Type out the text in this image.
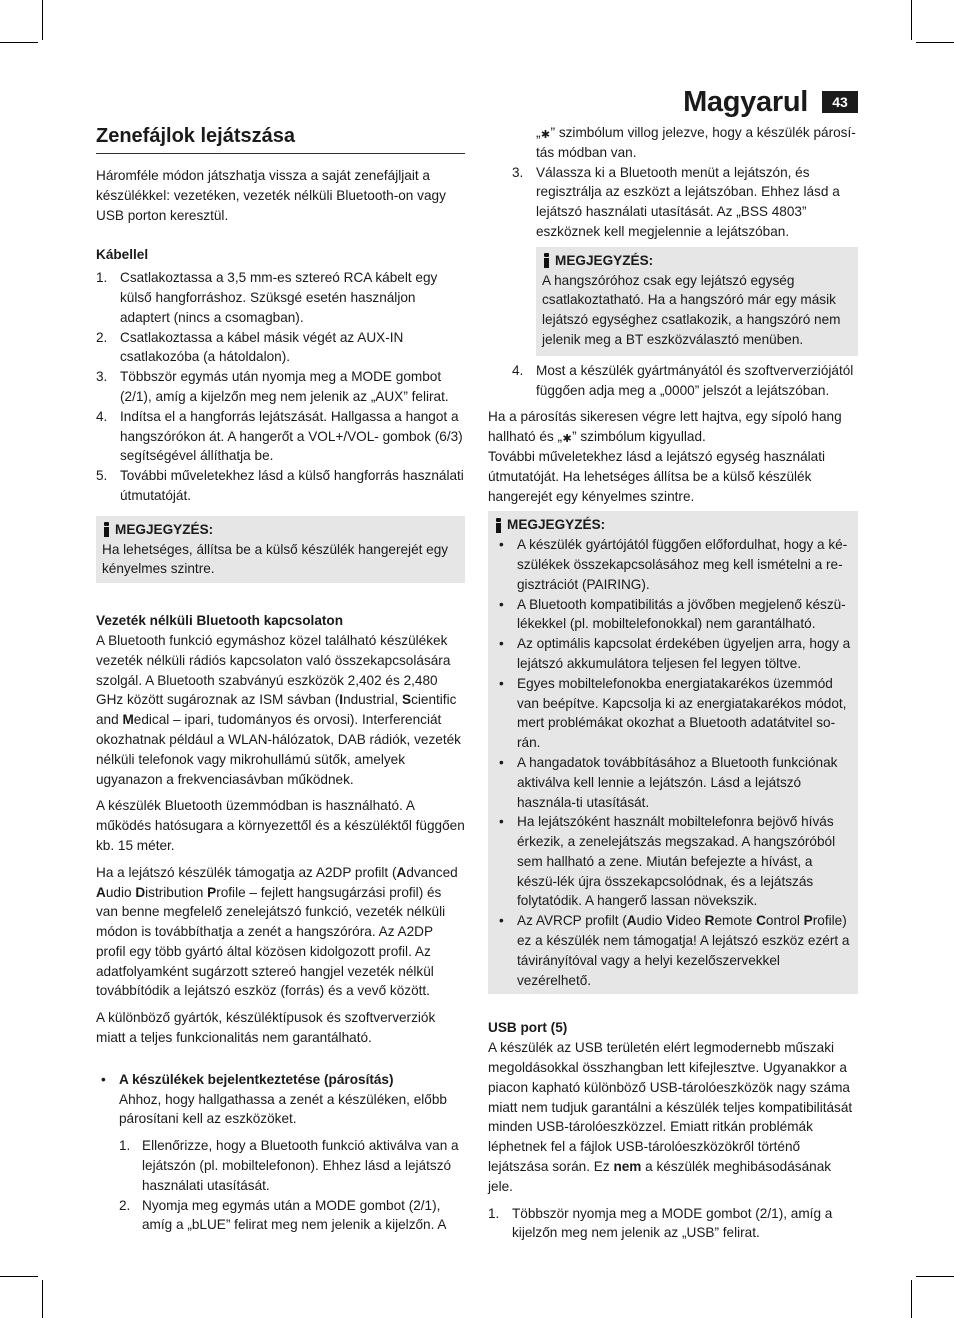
Magyarul	43
Zenefájlok lejátszása

Háromféle módon játszhatja vissza a saját zenefájljait a készülékkel: vezetéken, vezeték nélküli Bluetooth-on vagy USB porton keresztül.

Kábellel

1. Csatlakoztassa a 3,5 mm-es sztereó RCA kábelt egy külső hangforráshoz. Szüksgé esetén használjon adaptert (nincs a csomagban).
2. Csatlakoztassa a kábel másik végét az AUX-IN csatlakozóba (a hátoldalon).
3. Többször egymás után nyomja meg a MODE gombot (2/1), amíg a kijelzőn meg nem jelenik az „AUX” felirat.
4. Indítsa el a hangforrás lejátszását. Hallgassa a hangot a hangszórókon át. A hangerőt a VOL+/VOL- gombok (6/3) segítségével állíthatja be.
5. További műveletekhez lásd a külső hangforrás használati útmutatóját.
MEGJEGYZÉS:

Ha lehetséges, állítsa be a külső készülék hangerejét egy kényelmes szintre.

Vezeték nélküli Bluetooth kapcsolaton

A Bluetooth funkció egymáshoz közel található készülékek vezeték nélküli rádiós kapcsolaton való összekapcsolására szolgál. A Bluetooth szabványú eszközök 2,402 és 2,480 GHz között sugároznak az ISM sávban (Industrial, Scientific and Medical – ipari, tudományos és orvosi). Interferenciát okozhatnak például a WLAN-hálózatok, DAB rádiók, vezeték nélküli telefonok vagy mikrohullámú sütők, amelyek ugyanazon a frekvenciasávban működnek.

A készülék Bluetooth üzemmódban is használható. A működés hatósugara a környezettől és a készüléktől függően kb. 15 méter.

Ha a lejátszó készülék támogatja az A2DP profilt (Advanced Audio Distribution Profile – fejlett hangsugárzási profil) és van benne megfelelő zenelejátszó funkció, vezeték nélküli módon is továbbíthatja a zenét a hangszóróra. Az A2DP profil egy több gyártó által közösen kidolgozott profil. Az adatfolyamként sugárzott sztereó hangjel vezeték nélkül továbbítódik a lejátszó eszköz (forrás) és a vevő között.

A különböző gyártók, készüléktípusok és szoftververziók miatt a teljes funkcionalitás nem garantálható.

• A készülékek bejelentkeztetése (párosítás)

Ahhoz, hogy hallgathassa a zenét a készüléken, előbb párosítani kell az eszközöket.

1. Ellenőrizze, hogy a Bluetooth funkció aktiválva van a lejátszón (pl. mobiltelefonon). Ehhez lásd a lejátszó használati utasítását.
2. Nyomja meg egymás után a MODE gombot (2/1), amíg a „bLUE” felirat meg nem jelenik a kijelzőn. A
„✱” szimbólum villog jelezve, hogy a készülék párosí-tás módban van.
3. Válassza ki a Bluetooth menüt a lejátszón, és regisztrálja az eszközt a lejátszóban. Ehhez lásd a lejátszó használati utasítását. Az „BSS 4803” eszköznek kell megjelennie a lejátszóban.
MEGJEGYZÉS:

A hangszóróhoz csak egy lejátszó egység csatlakoztatható. Ha a hangszóró már egy másik lejátszó egységhez csatlakozik, a hangszóró nem jelenik meg a BT eszközválasztó menüben.

4. Most a készülék gyártmányától és szoftververziójától függően adja meg a „0000” jelszót a lejátszóban.

Ha a párosítás sikeresen végre lett hajtva, egy sípoló hang hallható és „✱” szimbólum kigyullad.

További műveletekhez lásd a lejátszó egység használati útmutatóját. Ha lehetséges állítsa be a külső készülék hangerejét egy kényelmes szintre.

MEGJEGYZÉS:
• A készülék gyártójától függően előfordulhat, hogy a ké-szülékek összekapcsolásához meg kell ismételni a re-gisztrációt (PAIRING).
• A Bluetooth kompatibilitás a jövőben megjelenő készü-lékekkel (pl. mobiltelefonokkal) nem garantálható.
• Az optimális kapcsolat érdekében ügyeljen arra, hogy a lejátszó akkumulátora teljesen fel legyen töltve.
• Egyes mobiltelefonokba energiatakarékos üzemmód van beépítve. Kapcsolja ki az energiatakarékos módot, mert problémákat okozhat a Bluetooth adatátvitel so-rán.
• A hangadatok továbbításához a Bluetooth funkciónak aktiválva kell lennie a lejátszón. Lásd a lejátszó használa-ti utasítását.
• Ha lejátszóként használt mobiltelefonra bejövő hívás érkezik, a zenelejátszás megszakad. A hangszóróból sem hallható a zene. Miután befejezte a hívást, a készü-lék újra összekapcsolódnak, és a lejátszás folytatódik. A hangerő lassan növekszik.
• Az AVRCP profilt (Audio Video Remote Control Profile) ez a készülék nem támogatja! A lejátszó eszköz ezért a távirányítóval vagy a helyi kezelőszervekkel vezérelhető.

USB port (5)

A készülék az USB területén elért legmodernebb műszaki megoldásokkal összhangban lett kifejlesztve. Ugyanakkor a piacon kapható különböző USB-tárolóeszközök nagy száma miatt nem tudjuk garantálni a készülék teljes kompatibilitását minden USB-tárolóeszközzel. Emiatt ritkán problémák léphetnek fel a fájlok USB-tárolóeszközökről történő lejátszása során. Ez nem a készülék meghibásodásának jele.

1. Többször nyomja meg a MODE gombot (2/1), amíg a kijelzőn meg nem jelenik az „USB” felirat.
